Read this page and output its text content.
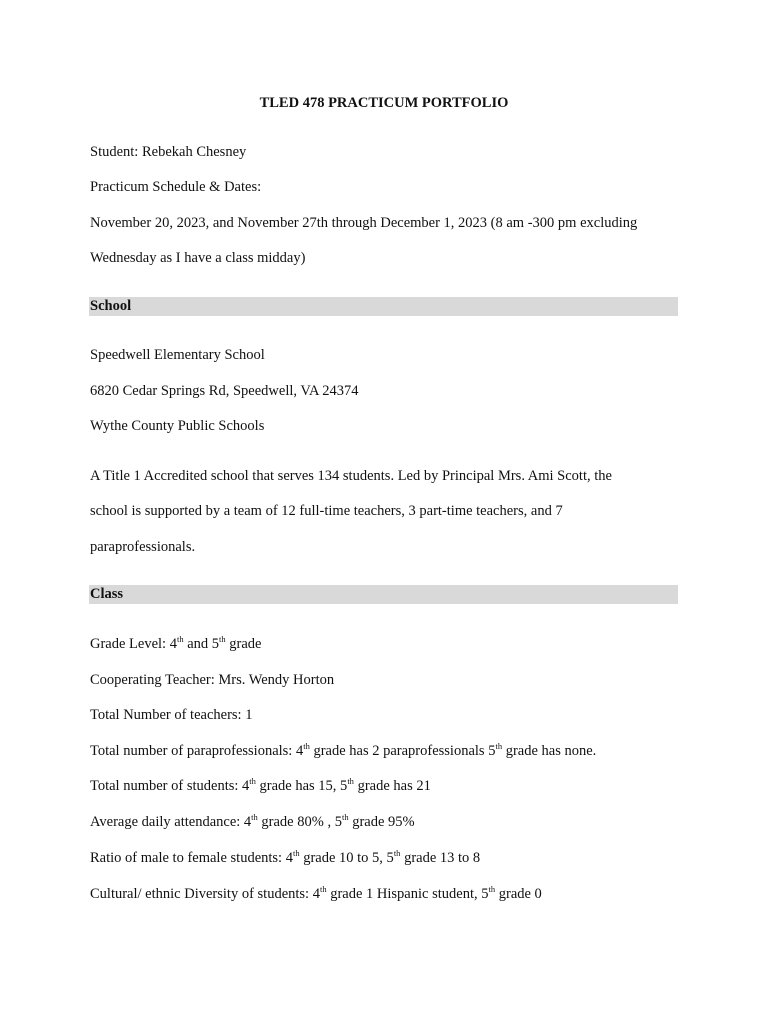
TLED 478 PRACTICUM PORTFOLIO
Student: Rebekah Chesney
Practicum Schedule & Dates:
November 20, 2023, and November 27th through December 1, 2023 (8 am -300 pm excluding
Wednesday as I have a class midday)
School
Speedwell Elementary School
6820 Cedar Springs Rd, Speedwell, VA 24374
Wythe County Public Schools
A Title 1 Accredited school that serves 134 students. Led by Principal Mrs. Ami Scott, the
school is supported by a team of 12 full-time teachers, 3 part-time teachers, and 7
paraprofessionals.
Class
Grade Level: 4th and 5th grade
Cooperating Teacher: Mrs. Wendy Horton
Total Number of teachers: 1
Total number of paraprofessionals: 4th grade has 2 paraprofessionals 5th grade has none.
Total number of students: 4th grade has 15, 5th grade has 21
Average daily attendance: 4th grade 80% , 5th grade 95%
Ratio of male to female students: 4th grade 10 to 5, 5th grade 13 to 8
Cultural/ ethnic Diversity of students: 4th grade 1 Hispanic student, 5th grade 0
